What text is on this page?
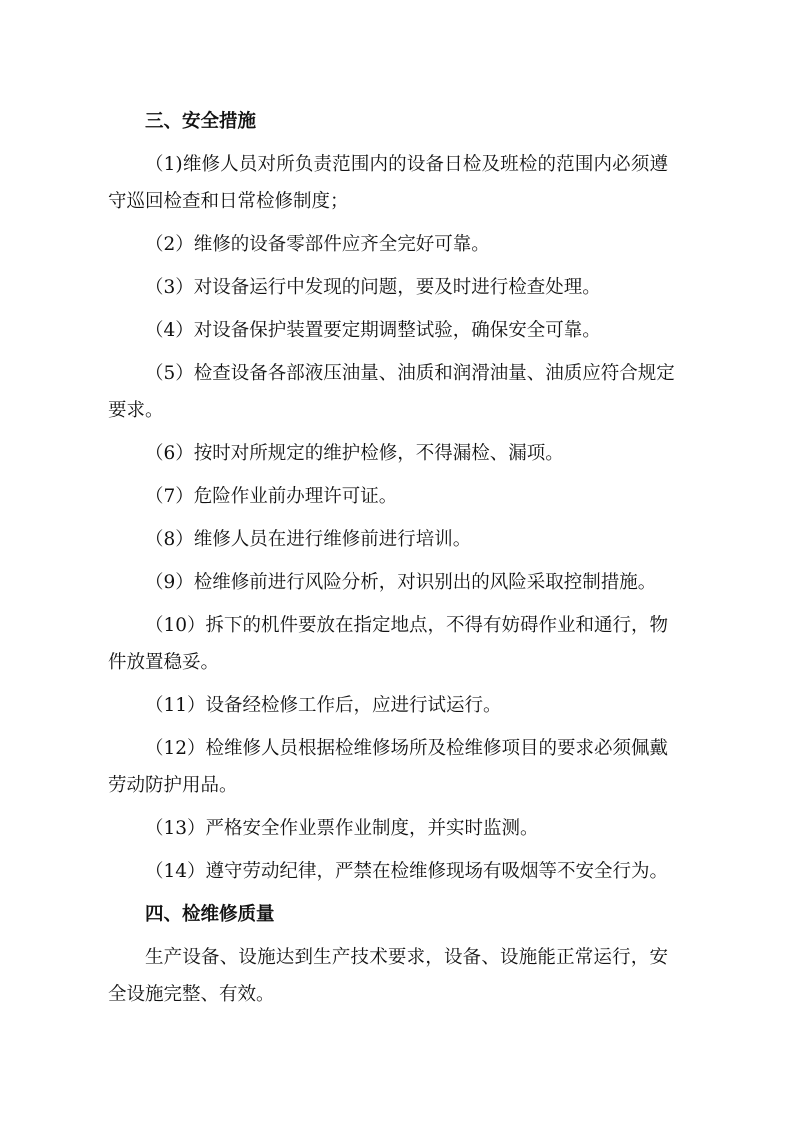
三、安全措施
（1)维修人员对所负责范围内的设备日检及班检的范围内必须遵
守巡回检查和日常检修制度；
（2）维修的设备零部件应齐全完好可靠。
（3）对设备运行中发现的问题，要及时进行检查处理。
（4）对设备保护装置要定期调整试验，确保安全可靠。
（5）检查设备各部液压油量、油质和润滑油量、油质应符合规定
要求。
（6）按时对所规定的维护检修，不得漏检、漏项。
（7）危险作业前办理许可证。
（8）维修人员在进行维修前进行培训。
（9）检维修前进行风险分析，对识别出的风险采取控制措施。
（10）拆下的机件要放在指定地点，不得有妨碍作业和通行，物
件放置稳妥。
（11）设备经检修工作后，应进行试运行。
（12）检维修人员根据检维修场所及检维修项目的要求必须佩戴
劳动防护用品。
（13）严格安全作业票作业制度，并实时监测。
（14）遵守劳动纪律，严禁在检维修现场有吸烟等不安全行为。
四、检维修质量
生产设备、设施达到生产技术要求，设备、设施能正常运行，安
全设施完整、有效。
